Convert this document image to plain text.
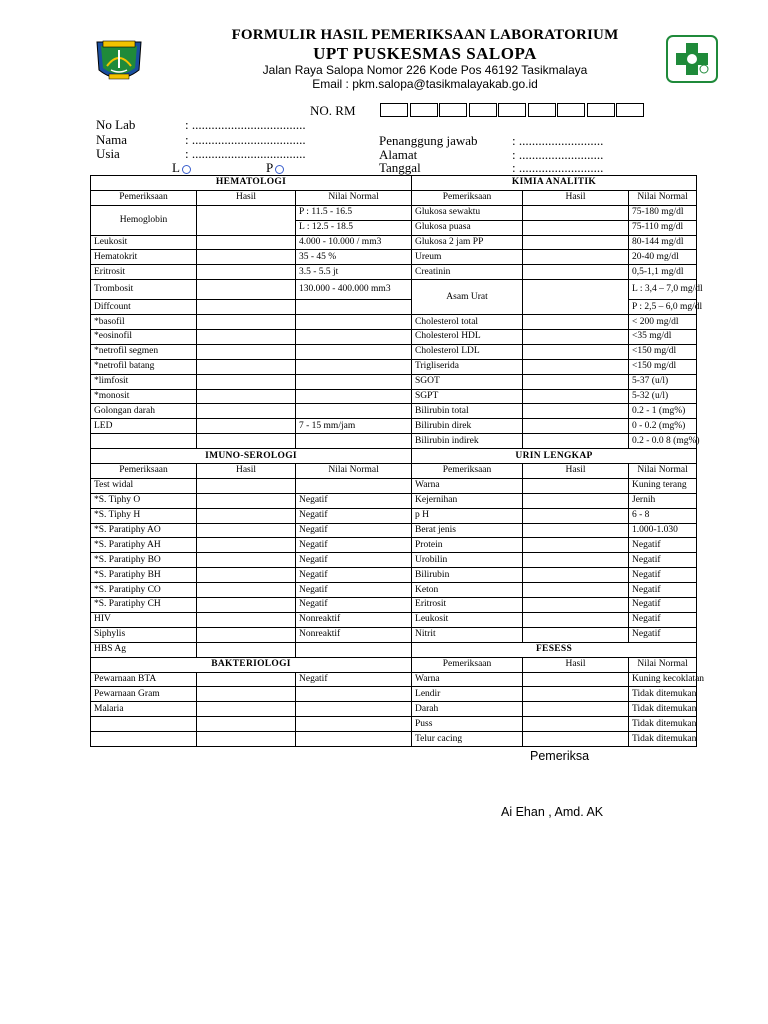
FORMULIR HASIL PEMERIKSAAN LABORATORIUM
UPT PUSKESMAS SALOPA
Jalan Raya Salopa Nomor 226 Kode Pos 46192 Tasikmalaya
Email : pkm.salopa@tasikmalayakab.go.id
NO. RM
No Lab	: ...................................
Nama	: ...................................
Usia	: ...................................
L	P
Penanggung jawab	: ..........................
Alamat	: ..........................
Tanggal	: ..........................
HEMATOLOGI			KIMIA ANALITIK		
Pemeriksaan	Hasil	Nilai Normal	Pemeriksaan	Hasil	Nilai Normal
Hemoglobin		P : 11.5 - 16.5	Glukosa sewaktu		75-180 mg/dl
		L : 12.5 - 18.5	Glukosa puasa		75-110 mg/dl
Leukosit		4.000 - 10.000 / mm3	Glukosa 2 jam PP		80-144 mg/dl
Hematokrit		35 - 45 %	Ureum		20-40 mg/dl
Eritrosit		3.5 - 5.5 jt	Creatinin		0,5-1,1 mg/dl
Trombosit		130.000 - 400.000 mm3	Asam Urat		L : 3,4 – 7,0 mg/dl
Diffcount					P : 2,5 – 6,0 mg/dl
*basofil			Cholesterol total		< 200 mg/dl
*eosinofil			Cholesterol HDL		<35 mg/dl
*netrofil segmen			Cholesterol LDL		<150 mg/dl
*netrofil batang			Trigliserida		<150 mg/dl
*limfosit			SGOT		5-37 (u/l)
*monosit			SGPT		5-32 (u/l)
Golongan darah			Bilirubin total		0.2 - 1 (mg%)
LED		7 - 15 mm/jam	Bilirubin direk		0 - 0.2 (mg%)
			Bilirubin indirek		0.2 - 0.0 8 (mg%)
IMUNO-SEROLOGI			URIN LENGKAP		
Pemeriksaan	Hasil	Nilai Normal	Pemeriksaan	Hasil	Nilai Normal
Test widal			Warna		Kuning terang
*S. Tiphy O		Negatif	Kejernihan		Jernih
*S. Tiphy H		Negatif	p H		6 - 8
*S. Paratiphy AO		Negatif	Berat jenis		1.000-1.030
*S. Paratiphy AH		Negatif	Protein		Negatif
*S. Paratiphy BO		Negatif	Urobilin		Negatif
*S. Paratiphy BH		Negatif	Bilirubin		Negatif
*S. Paratiphy CO		Negatif	Keton		Negatif
*S. Paratiphy CH		Negatif	Eritrosit		Negatif
HIV		Nonreaktif	Leukosit		Negatif
Siphylis		Nonreaktif	Nitrit		Negatif
HBS Ag			FESESS		
BAKTERIOLOGI			Pemeriksaan	Hasil	Nilai Normal
Pewarnaan BTA		Negatif	Warna		Kuning kecoklatan
Pewarnaan Gram			Lendir		Tidak ditemukan
Malaria			Darah		Tidak ditemukan
			Puss		Tidak ditemukan
			Telur cacing		Tidak ditemukan
Pemeriksa
Ai Ehan , Amd. AK
